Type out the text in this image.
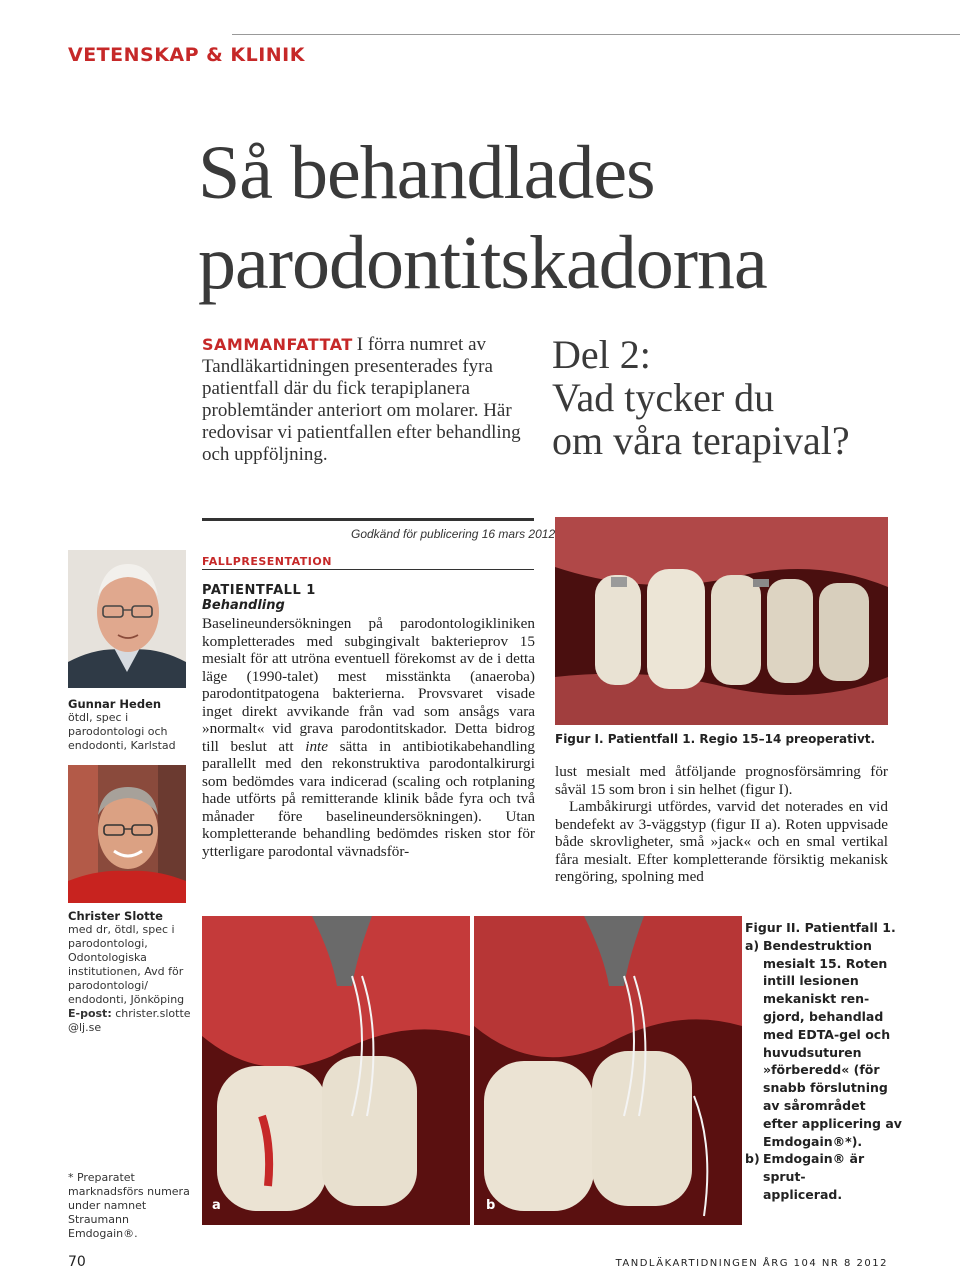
VETENSKAP & KLINIK
Så behandlades
parodontitskadorna
SAMMANFATTAT I förra numret av Tandläkartidningen presenterades fyra patientfall där du fick terapiplanera problemtänder anteriort om molarer. Här redovisar vi patientfallen efter behandling och uppföljning.
Del 2:
Vad tycker du
om våra terapival?
Godkänd för publicering 16 mars 2012
FALLPRESENTATION
Gunnar Heden
ötdl, spec i parodontologi och endodonti, Karlstad
Christer Slotte
med dr, ötdl, spec i parodontologi, Odontologiska institutionen, Avd för parodontologi/ endodonti, Jönköping
E-post: christer.slotte @lj.se
* Preparatet marknadsförs numera under namnet Straumann Emdogain®.
PATIENTFALL 1
Behandling

Baselineundersökningen på parodontologikliniken kompletterades med subgingivalt bakterieprov 15 mesialt för att utröna eventuell förekomst av de i detta läge (1990-talet) mest misstänkta (anaeroba) parodontitpatogena bakterierna. Provsvaret visade inget direkt avvikande från vad som ansågs vara »normalt« vid grava parodontitskador. Detta bidrog till beslut att inte sätta in antibiotikabehandling parallellt med den rekonstruktiva parodontalkirurgi som bedömdes vara indicerad (scaling och rotplaning hade utförts på remitterande klinik både fyra och två månader före baselineundersökningen). Utan kompletterande behandling bedömdes risken stor för ytterligare parodontal vävnadsför-

Figur I. Patientfall 1. Regio 15–14 preoperativt.

lust mesialt med åtföljande prognosförsämring för såväl 15 som bron i sin helhet (figur I).

Lambåkirurgi utfördes, varvid det noterades en vid bendefekt av 3-väggstyp (figur II a). Roten uppvisade både skrovligheter, små »jack« och en smal vertikal fåra mesialt. Efter kompletterande försiktig mekanisk rengöring, spolning med

a	b
Figur II. Patientfall 1.
a) Bendestruktion
mesialt 15. Roten
intill lesionen
mekaniskt ren-
gjord, behandlad
med EDTA-gel och
huvudsuturen
»förberedd« (för
snabb förslutning
av sårområdet
efter applicering av
Emdogain®*).
b) Emdogain® är sprut-
applicerad.
70	TANDLÄKARTIDNINGEN ÅRG 104 NR 8 2012
